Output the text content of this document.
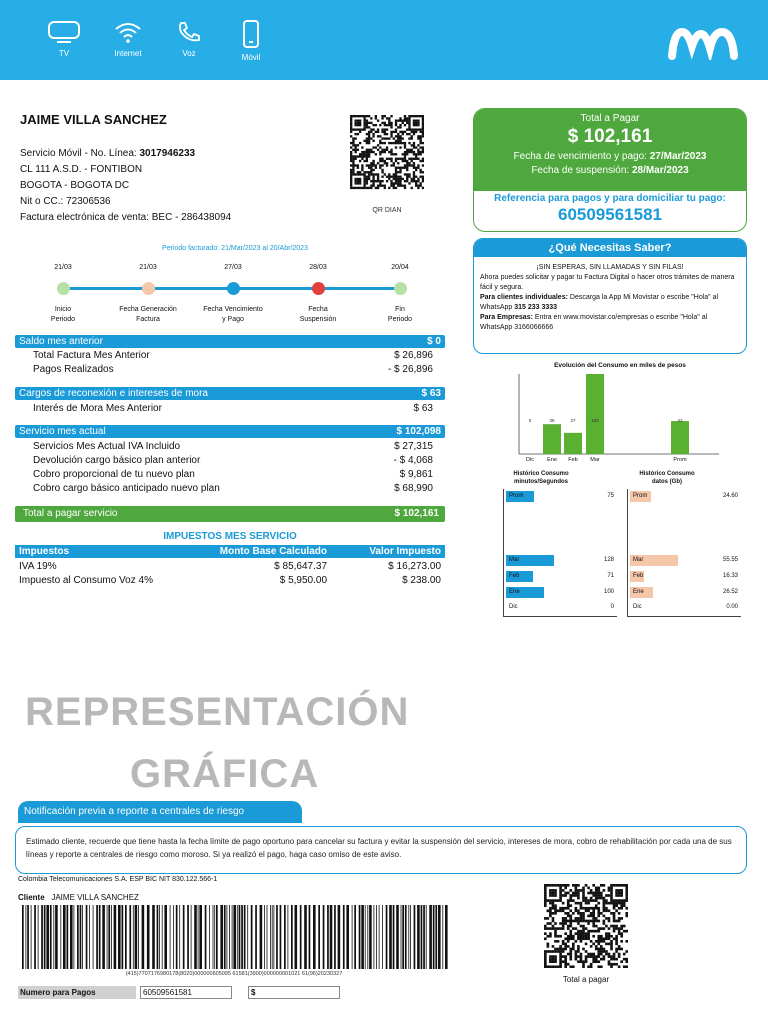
TV	Internet	Voz	Móvil
JAIME VILLA SANCHEZ
Servicio Móvil - No. Línea: 3017946233
CL 111 A.S.D. - FONTIBON
BOGOTA - BOGOTA DC
Nit o CC.: 72306536
Factura electrónica de venta: BEC - 286438094
QR DIAN
Total a Pagar
$ 102,161
Fecha de vencimiento y pago: 27/Mar/2023
Fecha de suspensión: 28/Mar/2023
Referencia para pagos y para domiciliar tu pago:
60509561581
¿Qué Necesitas Saber?
¡SIN ESPERAS, SIN LLAMADAS Y SIN FILAS!
Ahora puedes solicitar y pagar tu Factura Digital o hacer otros trámites de manera fácil y segura.
Para clientes individuales: Descarga la App Mi Movistar o escribe "Hola" al WhatsApp 315 233 3333
Para Empresas: Entra en www.movistar.co/empresas o escribe "Hola" al WhatsApp 3166066666
Periodo facturado: 21/Mar/2023 al 20/Abr/2023
21/03
Inicio
Periodo
21/03
Fecha Generación
Factura
27/03
Fecha Vencimiento
y Pago
28/03
Fecha
Suspensión
20/04
Fin
Periodo
Saldo mes anterior	$ 0
Total Factura Mes Anterior	$ 26,896
Pagos Realizados	- $ 26,896
Cargos de reconexión e intereses de mora	$ 63
Interés de Mora Mes Anterior	$ 63
Servicio mes actual	$ 102,098
Servicios Mes Actual IVA Incluido	$ 27,315
Devolución cargo básico plan anterior	- $ 4,068
Cobro proporcional de tu nuevo plan	$ 9,861
Cobro cargo básico anticipado nuevo plan	$ 68,990
Total a pagar servicio	$ 102,161
IMPUESTOS MES SERVICIO
Impuestos	Monto Base Calculado	Valor Impuesto
IVA 19%	$ 85,647.37	$ 16,273.00
Impuesto al Consumo Voz 4%	$ 5,950.00	$ 238.00
Evolución del Consumo en miles de pesos
0
Dic
38
Ene
27
Feb
102
Mar
42
Prom
Histórico Consumo
minutos/Segundos
Prom	75
Mar	128
Feb	71
Ene	100
Dic	0
Histórico Consumo
datos (Gb)
Prom	24.60
Mar	55.55
Feb	16.33
Ene	26.52
Dic	0.00
REPRESENTACIÓN
GRÁFICA
Notificación previa a reporte a centrales de riesgo
Estimado cliente, recuerde que tiene hasta la fecha límite de pago oportuno para cancelar su factura y evitar la suspensión del servicio, intereses de mora, cobro de rehabilitación por cada una de sus líneas y reporte a centrales de riesgo como moroso. Si ya realizó el pago, haga caso omiso de este aviso.
Colombia Telecomunicaciones S.A. ESP BIC NIT 830.122.566-1
Cliente JAIME VILLA SANCHEZ
(415)7707176980178(8020)000000605095 61581(3900)000000001021 61(96)20230327
Total a pagar
Numero para Pagos	60509561581	$
